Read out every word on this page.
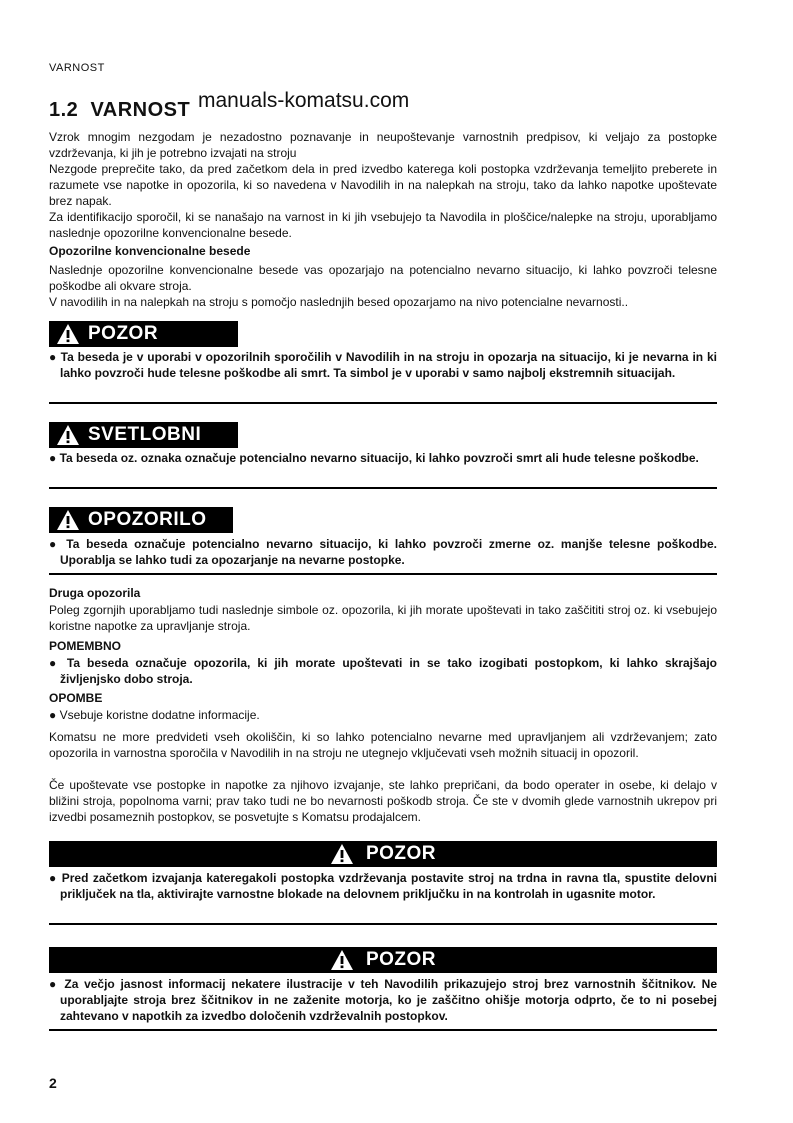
VARNOST
1.2 VARNOST manuals-komatsu.com

Vzrok mnogim nezgodam je nezadostno poznavanje in neupoštevanje varnostnih predpisov, ki veljajo za postopke vzdrževanja, ki jih je potrebno izvajati na stroju

Nezgode preprečite tako, da pred začetkom dela in pred izvedbo katerega koli postopka vzdrževanja temeljito preberete in razumete vse napotke in opozorila, ki so navedena v Navodilih in na nalepkah na stroju, tako da lahko napotke upoštevate brez napak.

Za identifikacijo sporočil, ki se nanašajo na varnost in ki jih vsebujejo ta Navodila in ploščice/nalepke na stroju, uporabljamo naslednje opozorilne konvencionalne besede.

Opozorilne konvencionalne besede

Naslednje opozorilne konvencionalne besede vas opozarjajo na potencialno nevarno situacijo, ki lahko povzroči telesne poškodbe ali okvare stroja.

V navodilih in na nalepkah na stroju s pomočjo naslednjih besed opozarjamo na nivo potencialne nevarnosti..

POZOR

● Ta beseda je v uporabi v opozorilnih sporočilih v Navodilih in na stroju in opozarja na situacijo, ki je nevarna in ki lahko povzroči hude telesne poškodbe ali smrt. Ta simbol je v uporabi v samo najbolj ekstremnih situacijah.

SVETLOBNI

● Ta beseda oz. oznaka označuje potencialno nevarno situacijo, ki lahko povzroči smrt ali hude telesne poškodbe.

OPOZORILO

● Ta beseda označuje potencialno nevarno situacijo, ki lahko povzroči zmerne oz. manjše telesne poškodbe. Uporablja se lahko tudi za opozarjanje na nevarne postopke.

Druga opozorila

Poleg zgornjih uporabljamo tudi naslednje simbole oz. opozorila, ki jih morate upoštevati in tako zaščititi stroj oz. ki vsebujejo koristne napotke za upravljanje stroja.

POMEMBNO

● Ta beseda označuje opozorila, ki jih morate upoštevati in se tako izogibati postopkom, ki lahko skrajšajo življenjsko dobo stroja.

OPOMBE

● Vsebuje koristne dodatne informacije.

Komatsu ne more predvideti vseh okoliščin, ki so lahko potencialno nevarne med upravljanjem ali vzdrževanjem; zato opozorila in varnostna sporočila v Navodilih in na stroju ne utegnejo vključevati vseh možnih situacij in opozoril.

Če upoštevate vse postopke in napotke za njihovo izvajanje, ste lahko prepričani, da bodo operater in osebe, ki delajo v bližini stroja, popolnoma varni; prav tako tudi ne bo nevarnosti poškodb stroja. Če ste v dvomih glede varnostnih ukrepov pri izvedbi posameznih postopkov, se posvetujte s Komatsu prodajalcem.

POZOR

● Pred začetkom izvajanja kateregakoli postopka vzdrževanja postavite stroj na trdna in ravna tla, spustite delovni priključek na tla, aktivirajte varnostne blokade na delovnem priključku in na kontrolah in ugasnite motor.

POZOR

● Za večjo jasnost informacij nekatere ilustracije v teh Navodilih prikazujejo stroj brez varnostnih ščitnikov. Ne uporabljajte stroja brez ščitnikov in ne zaženite motorja, ko je zaščitno ohišje motorja odprto, če to ni posebej zahtevano v napotkih za izvedbo določenih vzdrževalnih postopkov.

2
